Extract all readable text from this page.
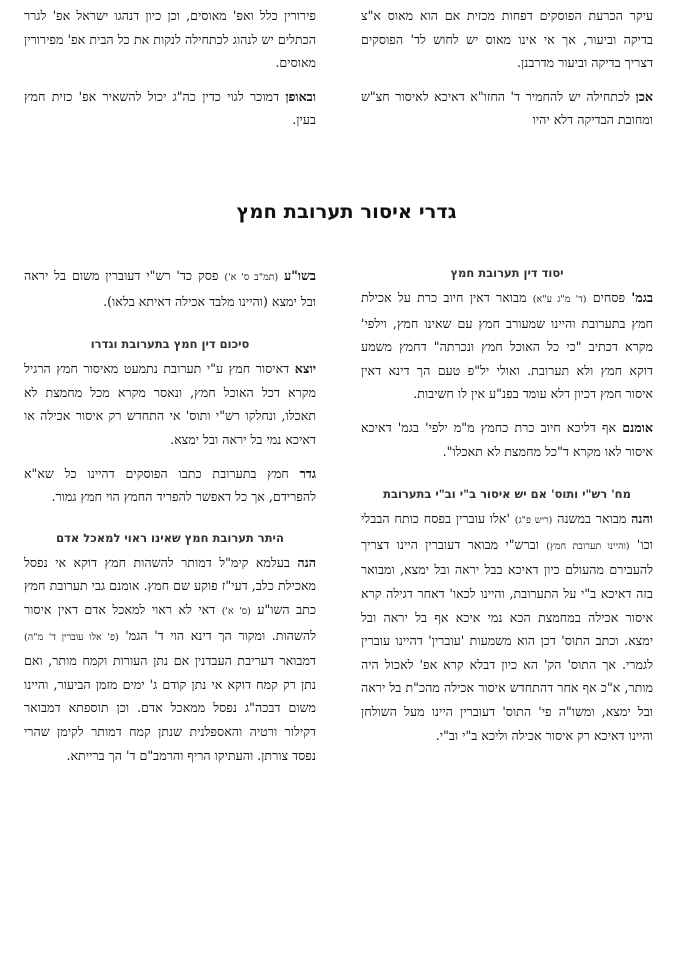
עיקר הכרעת הפוסקים דפחות מכזית אם הוא מאוס א"צ בדיקה וביעור, אך אי אינו מאוס יש לחוש לד' הפוסקים דצריך בדיקה וביעור מדרבנן.

אכן לכתחילה יש להחמיר ד' החזו"א דאיכא לאיסור חצ"ש ומחובת הבדיקה דלא יהיו

פירורין כלל ואפ' מאוסים, וכן כיון דנהגו ישראל אפ' לגרר הכתלים יש לנהוג לכתחילה לנקות את כל הבית אפ' מפירורין מאוסים.

ובאופן דמוכר לגוי כדין כה"ג יכול להשאיר אפ' כזית חמץ בעין.

גדרי איסור תערובת חמץ

יסוד דין תערובת חמץ

בגמ' פסחים (ד' מ"ג ע"א) מבואר דאין חיוב כרת על אכילת חמץ בתערובת והיינו שמעורב חמץ עם שאינו חמץ, וילפי' מקרא דכתיב "כי כל האוכל חמץ ונכרתה" דחמץ משמע דוקא חמץ ולא תערובת. ואולי יל"פ טעם הך דינא דאין איסור חמץ דכיון דלא עומד בפנ"ע אין לו חשיבות.

אומנם אף דליכא חיוב כרת כחמץ מ"מ ילפי' בגמ' דאיכא איסור לאו מקרא ד"כל מחמצת לא תאכלו".

מח' רש"י ותוס' אם יש איסור ב"י וב"י בתערובת

והנה מבואר במשנה (ריש פ"ג) 'אלו עוברין בפסח כותח הבבלי וכו' (והיינו תערובת חמץ) וברש"י מבואר דעוברין היינו דצריך להעבירם מהעולם כיון דאיכא בבל יראה ובל ימצא, ומבואר בזה דאיכא ב"י על התערובת, והיינו לכאו' דאחר דגילה קרא איסור אכילה במחמצת הכא נמי איכא אף בל יראה ובל ימצא. וכתב התוס' דכן הוא משמעות 'עוברין' דהיינו עוברין לגמרי. אך התוס' הק' הא כיון דבלא קרא אפ' לאכול היה מותר, א"כ אף אחר דהתחדש איסור אכילה מהכ"ת בל יראה ובל ימצא, ומשו"ה פי' התוס' דעוברין היינו מעל השולחן והיינו דאיכא רק איסור אכילה וליכא ב"י וב"י.

בשו"ע (תמ"ב ס' א') פסק כד' רש"י דעוברין משום בל יראה ובל ימצא (והיינו מלבד אכילה דאיתא בלאו).

סיכום דין חמץ בתערובת וגדרו

יוצא דאיסור חמץ ע"י תערובת נתמעט מאיסור חמץ הרגיל מקרא דכל האוכל חמץ, ונאסר מקרא מכל מחמצת לא תאכלו, ונחלקו רש"י ותוס' אי התחדש רק איסור אכילה או דאיכא נמי בל יראה ובל ימצא.

גדר חמץ בתערובת כתבו הפוסקים דהיינו כל שא"א להפרידם, אך כל דאפשר להפריד החמץ הוי חמץ גמור.

היתר תערובת חמץ שאינו ראוי למאכל אדם

הנה בעלמא קימ"ל דמותר להשהות חמץ דוקא אי נפסל מאכילת כלב, דעי"ז פוקע שם חמץ. אומנם גבי תערובת חמץ כתב השו"ע (ס' א') דאי לא ראוי למאכל אדם דאין איסור להשהות. ומקור הך דינא הוי ד' הגמ' (פ' אלו עוברין ד' מ"ה) דמבואר דעריבת העבדנין אם נתן העורות וקמח מותר, ואם נתן רק קמח דוקא אי נתן קודם ג' ימים מזמן הביעור, והיינו משום דבכה"ג נפסל ממאכל אדם. וכן תוספתא דמבואר דקילור ורטיה והאספלנית שנתן קמח דמותר לקימן שהרי נפסד צורתן. והעתיקו הריף והרמב"ם ד' הך ברייתא.
